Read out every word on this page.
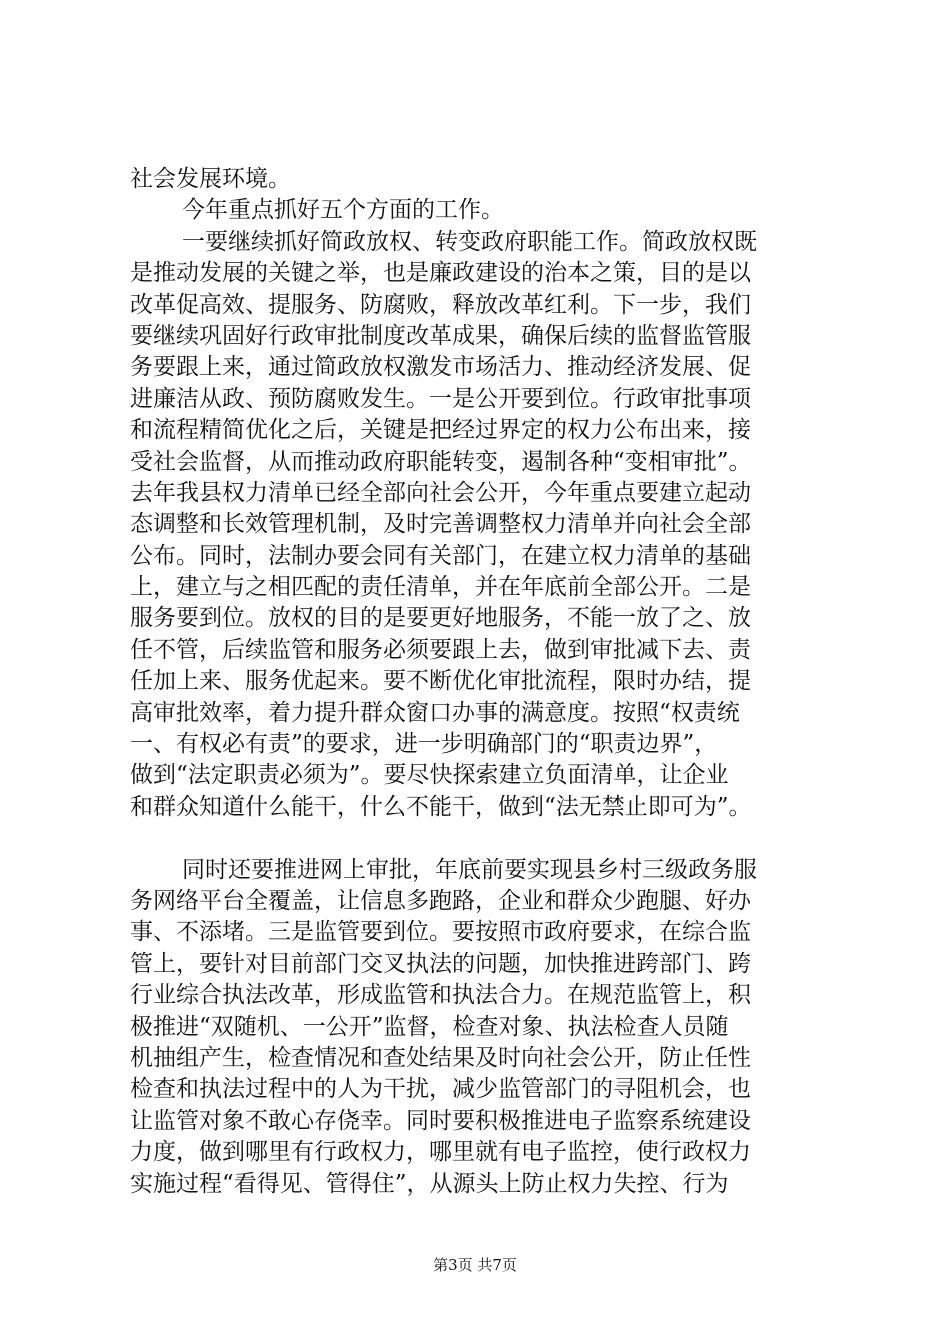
社会发展环境。
今年重点抓好五个方面的工作。
一要继续抓好简政放权、转变政府职能工作。简政放权既
是推动发展的关键之举，也是廉政建设的治本之策，目的是以
改革促高效、提服务、防腐败，释放改革红利。下一步，我们
要继续巩固好行政审批制度改革成果，确保后续的监督监管服
务要跟上来，通过简政放权激发市场活力、推动经济发展、促
进廉洁从政、预防腐败发生。一是公开要到位。行政审批事项
和流程精简优化之后，关键是把经过界定的权力公布出来，接
受社会监督，从而推动政府职能转变，遏制各种“变相审批”。
去年我县权力清单已经全部向社会公开，今年重点要建立起动
态调整和长效管理机制，及时完善调整权力清单并向社会全部
公布。同时，法制办要会同有关部门，在建立权力清单的基础
上，建立与之相匹配的责任清单，并在年底前全部公开。二是
服务要到位。放权的目的是要更好地服务，不能一放了之、放
任不管，后续监管和服务必须要跟上去，做到审批减下去、责
任加上来、服务优起来。要不断优化审批流程，限时办结，提
高审批效率，着力提升群众窗口办事的满意度。按照“权责统
一、有权必有责”的要求，进一步明确部门的“职责边界”，
做到“法定职责必须为”。要尽快探索建立负面清单，让企业
和群众知道什么能干，什么不能干，做到“法无禁止即可为”。
同时还要推进网上审批，年底前要实现县乡村三级政务服
务网络平台全覆盖，让信息多跑路，企业和群众少跑腿、好办
事、不添堵。三是监管要到位。要按照市政府要求，在综合监
管上，要针对目前部门交叉执法的问题，加快推进跨部门、跨
行业综合执法改革，形成监管和执法合力。在规范监管上，积
极推进“双随机、一公开”监督，检查对象、执法检查人员随
机抽组产生，检查情况和查处结果及时向社会公开，防止任性
检查和执法过程中的人为干扰，减少监管部门的寻阻机会，也
让监管对象不敢心存侥幸。同时要积极推进电子监察系统建设
力度，做到哪里有行政权力，哪里就有电子监控，使行政权力
实施过程“看得见、管得住”，从源头上防止权力失控、行为
第3页 共7页
